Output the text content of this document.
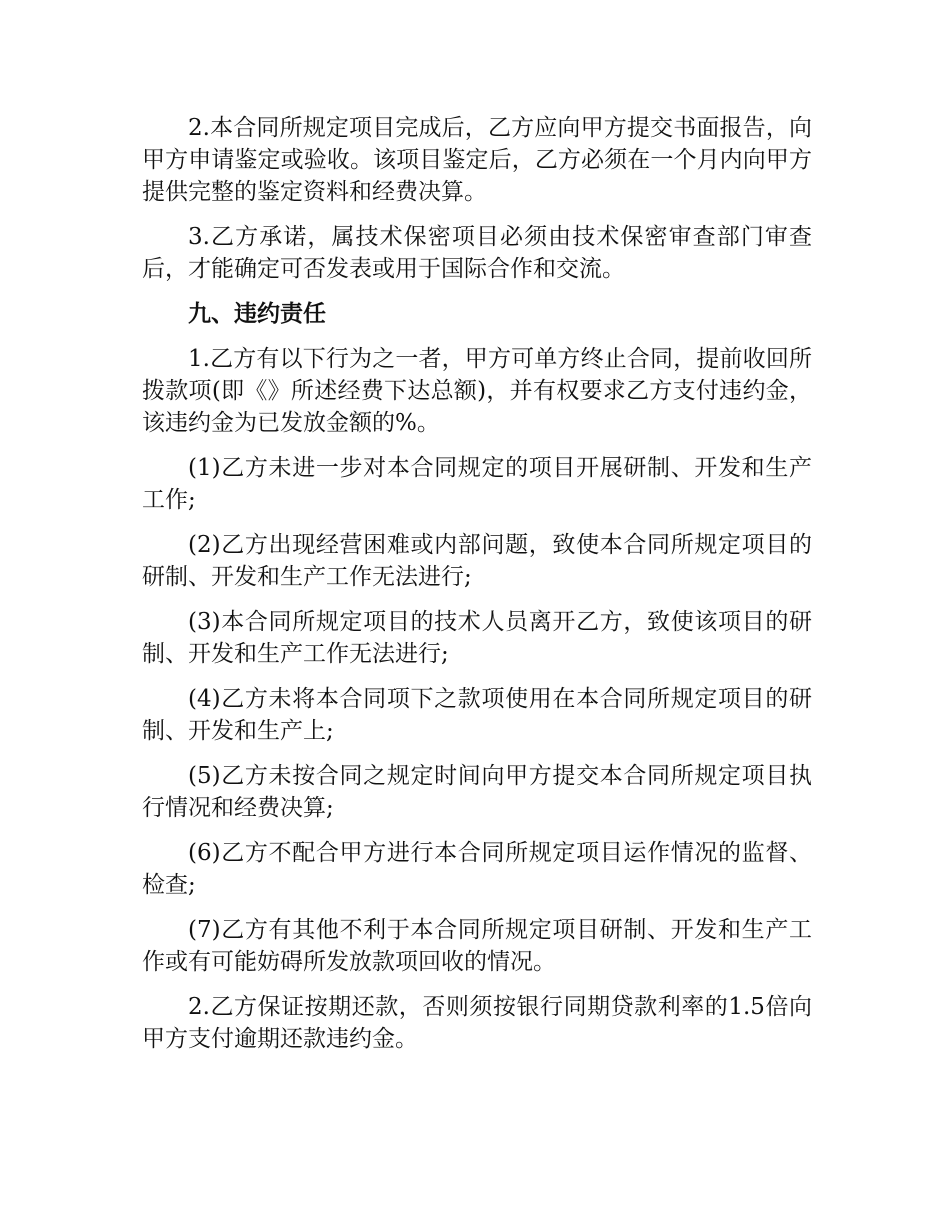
2.本合同所规定项目完成后，乙方应向甲方提交书面报告，向甲方申请鉴定或验收。该项目鉴定后，乙方必须在一个月内向甲方提供完整的鉴定资料和经费决算。

3.乙方承诺，属技术保密项目必须由技术保密审查部门审查后，才能确定可否发表或用于国际合作和交流。

九、违约责任

1.乙方有以下行为之一者，甲方可单方终止合同，提前收回所拨款项(即《》所述经费下达总额)，并有权要求乙方支付违约金，该违约金为已发放金额的%。

(1)乙方未进一步对本合同规定的项目开展研制、开发和生产工作;

(2)乙方出现经营困难或内部问题，致使本合同所规定项目的研制、开发和生产工作无法进行;

(3)本合同所规定项目的技术人员离开乙方，致使该项目的研制、开发和生产工作无法进行;

(4)乙方未将本合同项下之款项使用在本合同所规定项目的研制、开发和生产上;

(5)乙方未按合同之规定时间向甲方提交本合同所规定项目执行情况和经费决算;

(6)乙方不配合甲方进行本合同所规定项目运作情况的监督、检查;

(7)乙方有其他不利于本合同所规定项目研制、开发和生产工作或有可能妨碍所发放款项回收的情况。

2.乙方保证按期还款，否则须按银行同期贷款利率的1.5倍向甲方支付逾期还款违约金。
